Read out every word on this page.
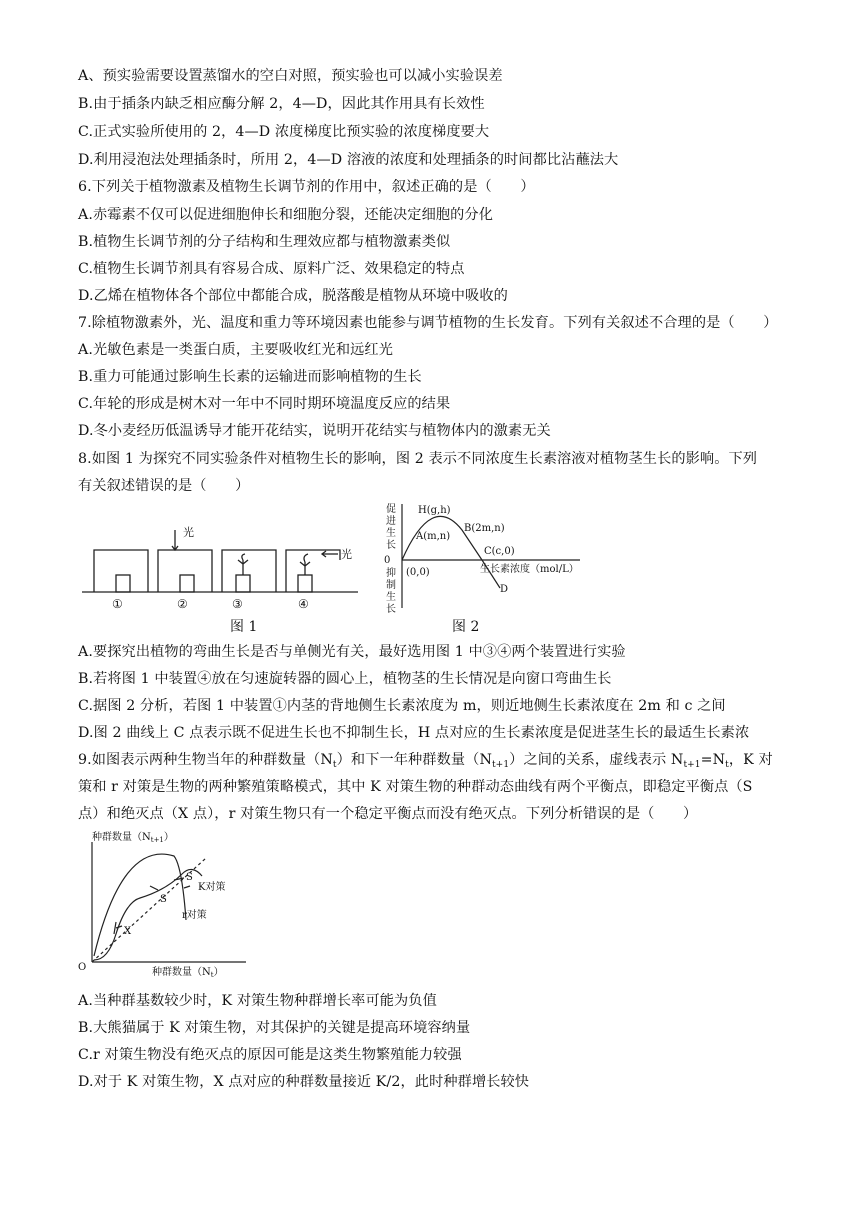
A、预实验需要设置蒸馏水的空白对照，预实验也可以减小实验误差
B.由于插条内缺乏相应酶分解 2，4—D，因此其作用具有长效性
C.正式实验所使用的 2，4—D 浓度梯度比预实验的浓度梯度要大
D.利用浸泡法处理插条时，所用 2，4—D 溶液的浓度和处理插条的时间都比沾蘸法大
6.下列关于植物激素及植物生长调节剂的作用中，叙述正确的是（　　）
A.赤霉素不仅可以促进细胞伸长和细胞分裂，还能决定细胞的分化
B.植物生长调节剂的分子结构和生理效应都与植物激素类似
C.植物生长调节剂具有容易合成、原料广泛、效果稳定的特点
D.乙烯在植物体各个部位中都能合成，脱落酸是植物从环境中吸收的
7.除植物激素外，光、温度和重力等环境因素也能参与调节植物的生长发育。下列有关叙述不合理的是（　　）
A.光敏色素是一类蛋白质，主要吸收红光和远红光
B.重力可能通过影响生长素的运输进而影响植物的生长
C.年轮的形成是树木对一年中不同时期环境温度反应的结果
D.冬小麦经历低温诱导才能开花结实，说明开花结实与植物体内的激素无关
8.如图 1 为探究不同实验条件对植物生长的影响，图 2 表示不同浓度生长素溶液对植物茎生长的影响。下列
有关叙述错误的是（　　）
光
光
①	②	③	④
图 1
促进生长
0
抑制生长
(0,0)	生长素浓度（mol/L）
H(g,h)
A(m,n)
B(2m,n)
C(c,0)
D
图 2
A.要探究出植物的弯曲生长是否与单侧光有关，最好选用图 1 中③④两个装置进行实验
B.若将图 1 中装置④放在匀速旋转器的圆心上，植物茎的生长情况是向窗口弯曲生长
C.据图 2 分析，若图 1 中装置①内茎的背地侧生长素浓度为 m，则近地侧生长素浓度在 2m 和 c 之间
D.图 2 曲线上 C 点表示既不促进生长也不抑制生长，H 点对应的生长素浓度是促进茎生长的最适生长素浓
9.如图表示两种生物当年的种群数量$(N_t)$和下一年种群数量$(N_{t+1})$之间的关系，虚线表示 $N_{t+1}=N_t$，K 对
策和 r 对策是生物的两种繁殖策略模式，其中 K 对策生物的种群动态曲线有两个平衡点，即稳定平衡点（S
点）和绝灭点（X 点），r 对策生物只有一个稳定平衡点而没有绝灭点。下列分析错误的是（　　）
种群数量$(N_{t+1})$
种群数量$(N_t)$
O
S
S
X
K对策
r对策
A.当种群基数较少时，K 对策生物种群增长率可能为负值
B.大熊猫属于 K 对策生物，对其保护的关键是提高环境容纳量
C.r 对策生物没有绝灭点的原因可能是这类生物繁殖能力较强
D.对于 K 对策生物，X 点对应的种群数量接近 K/2，此时种群增长较快
